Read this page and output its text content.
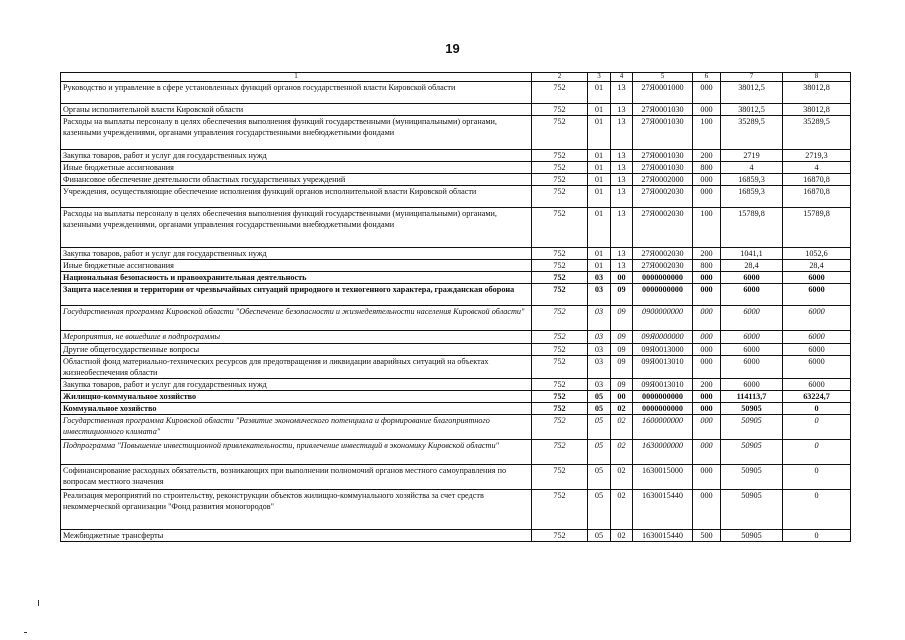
19
1	2	3	4	5	6	7	8
Руководство и управление в сфере установленных функций органов государственной власти Кировской области	752	01	13	27Я0001000	000	38012,5	38012,8
Органы исполнительной власти Кировской области	752	01	13	27Я0001030	000	38012,5	38012,8
Расходы на выплаты персоналу в целях обеспечения выполнения функций государственными (муниципальными) органами, казенными учреждениями, органами управления государственными внебюджетными фондами	752	01	13	27Я0001030	100	35289,5	35289,5
Закупка товаров, работ и услуг для государственных нужд	752	01	13	27Я0001030	200	2719	2719,3
Иные бюджетные ассигнования	752	01	13	27Я0001030	800	4	4
Финансовое обеспечение деятельности областных государственных учреждений	752	01	13	27Я0002000	000	16859,3	16870,8
Учреждения, осуществляющие обеспечение исполнения функций органов исполнительной власти Кировской области	752	01	13	27Я0002030	000	16859,3	16870,8
Расходы на выплаты персоналу в целях обеспечения выполнения функций государственными (муниципальными) органами, казенными учреждениями, органами управления государственными внебюджетными фондами	752	01	13	27Я0002030	100	15789,8	15789,8
Закупка товаров, работ и услуг для государственных нужд	752	01	13	27Я0002030	200	1041,1	1052,6
Иные бюджетные ассигнования	752	01	13	27Я0002030	800	28,4	28,4
Национальная безопасность и правоохранительная деятельность	752	03	00	0000000000	000	6000	6000
Защита населения и территории от чрезвычайных ситуаций природного и техногенного характера, гражданская оборона	752	03	09	0000000000	000	6000	6000
Государственная программа Кировской области "Обеспечение безопасности и жизнедеятельности населения Кировской области"	752	03	09	0900000000	000	6000	6000
Мероприятия, не вошедшие в подпрограммы	752	03	09	09Я0000000	000	6000	6000
Другие общегосударственные вопросы	752	03	09	09Я0013000	000	6000	6000
Областной фонд материально-технических ресурсов для предотвращения и ликвидации аварийных ситуаций на объектах жизнеобеспечения области	752	03	09	09Я0013010	000	6000	6000
Закупка товаров, работ и услуг для государственных нужд	752	03	09	09Я0013010	200	6000	6000
Жилищно-коммунальное хозяйство	752	05	00	0000000000	000	114113,7	63224,7
Коммунальное хозяйство	752	05	02	0000000000	000	50905	0
Государственная программа Кировской области "Развитие экономического потенциала и формирование благоприятного инвестиционного климата"	752	05	02	1600000000	000	50905	0
Подпрограмма "Повышение инвестиционной привлекательности, привлечение инвестиций в экономику Кировской области"	752	05	02	1630000000	000	50905	0
Софинансирование расходных обязательств, возникающих при выполнении полномочий органов местного самоуправления по вопросам местного значения	752	05	02	1630015000	000	50905	0
Реализация мероприятий по строительству, реконструкции объектов жилищно-коммунального хозяйства за счет средств некоммерческой организации "Фонд развития моногородов"	752	05	02	1630015440	000	50905	0
Межбюджетные трансферты	752	05	02	1630015440	500	50905	0
